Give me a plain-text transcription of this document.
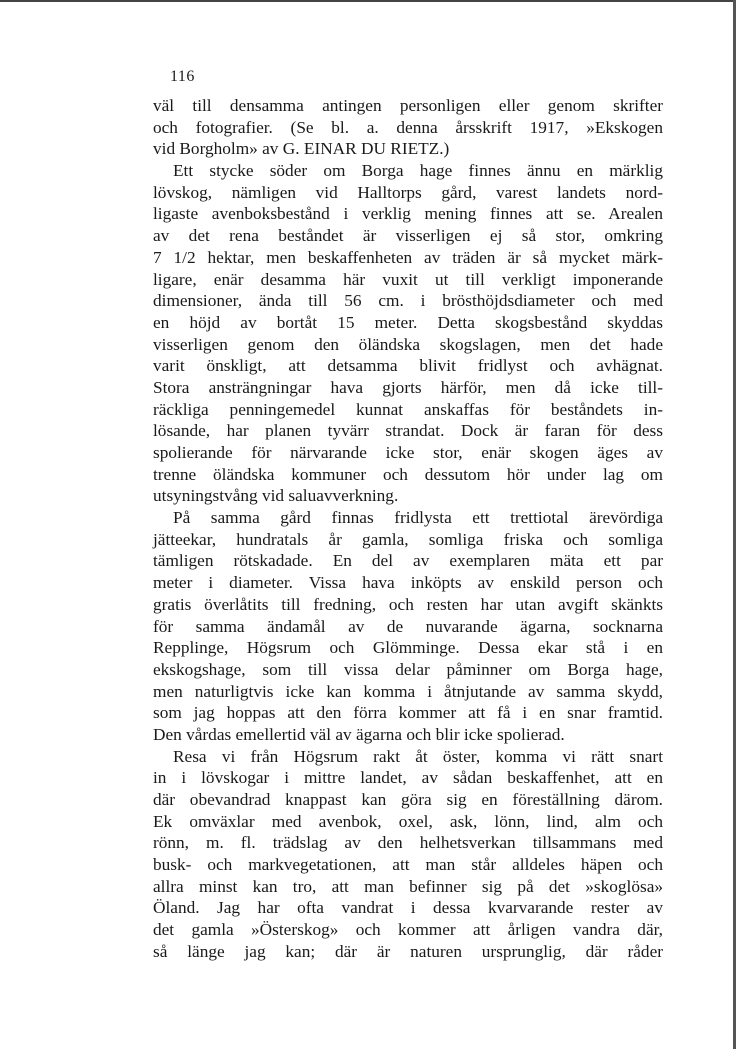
116
väl till densamma antingen personligen eller genom skrifter
och fotografier. (Se bl. a. denna årsskrift 1917, »Ekskogen
vid Borgholm» av G. EINAR DU RIETZ.)
Ett stycke söder om Borga hage finnes ännu en märklig
lövskog, nämligen vid Halltorps gård, varest landets nord-
ligaste avenboksbestånd i verklig mening finnes att se. Arealen
av det rena beståndet är visserligen ej så stor, omkring
7 1/2 hektar, men beskaffenheten av träden är så mycket märk-
ligare, enär desamma här vuxit ut till verkligt imponerande
dimensioner, ända till 56 cm. i brösthöjdsdiameter och med
en höjd av bortåt 15 meter. Detta skogsbestånd skyddas
visserligen genom den öländska skogslagen, men det hade
varit önskligt, att detsamma blivit fridlyst och avhägnat.
Stora ansträngningar hava gjorts härför, men då icke till-
räckliga penningemedel kunnat anskaffas för beståndets in-
lösande, har planen tyvärr strandat. Dock är faran för dess
spolierande för närvarande icke stor, enär skogen äges av
trenne öländska kommuner och dessutom hör under lag om
utsyningstvång vid saluavverkning.
På samma gård finnas fridlysta ett trettiotal ärevördiga
jätteekar, hundratals år gamla, somliga friska och somliga
tämligen rötskadade. En del av exemplaren mäta ett par
meter i diameter. Vissa hava inköpts av enskild person och
gratis överlåtits till fredning, och resten har utan avgift skänkts
för samma ändamål av de nuvarande ägarna, socknarna
Repplinge, Högsrum och Glömminge. Dessa ekar stå i en
ekskogshage, som till vissa delar påminner om Borga hage,
men naturligtvis icke kan komma i åtnjutande av samma skydd,
som jag hoppas att den förra kommer att få i en snar framtid.
Den vårdas emellertid väl av ägarna och blir icke spolierad.
Resa vi från Högsrum rakt åt öster, komma vi rätt snart
in i lövskogar i mittre landet, av sådan beskaffenhet, att en
där obevandrad knappast kan göra sig en föreställning därom.
Ek omväxlar med avenbok, oxel, ask, lönn, lind, alm och
rönn, m. fl. trädslag av den helhetsverkan tillsammans med
busk- och markvegetationen, att man står alldeles häpen och
allra minst kan tro, att man befinner sig på det »skoglösa»
Öland. Jag har ofta vandrat i dessa kvarvarande rester av
det gamla »Österskog» och kommer att årligen vandra där,
så länge jag kan; där är naturen ursprunglig, där råder
